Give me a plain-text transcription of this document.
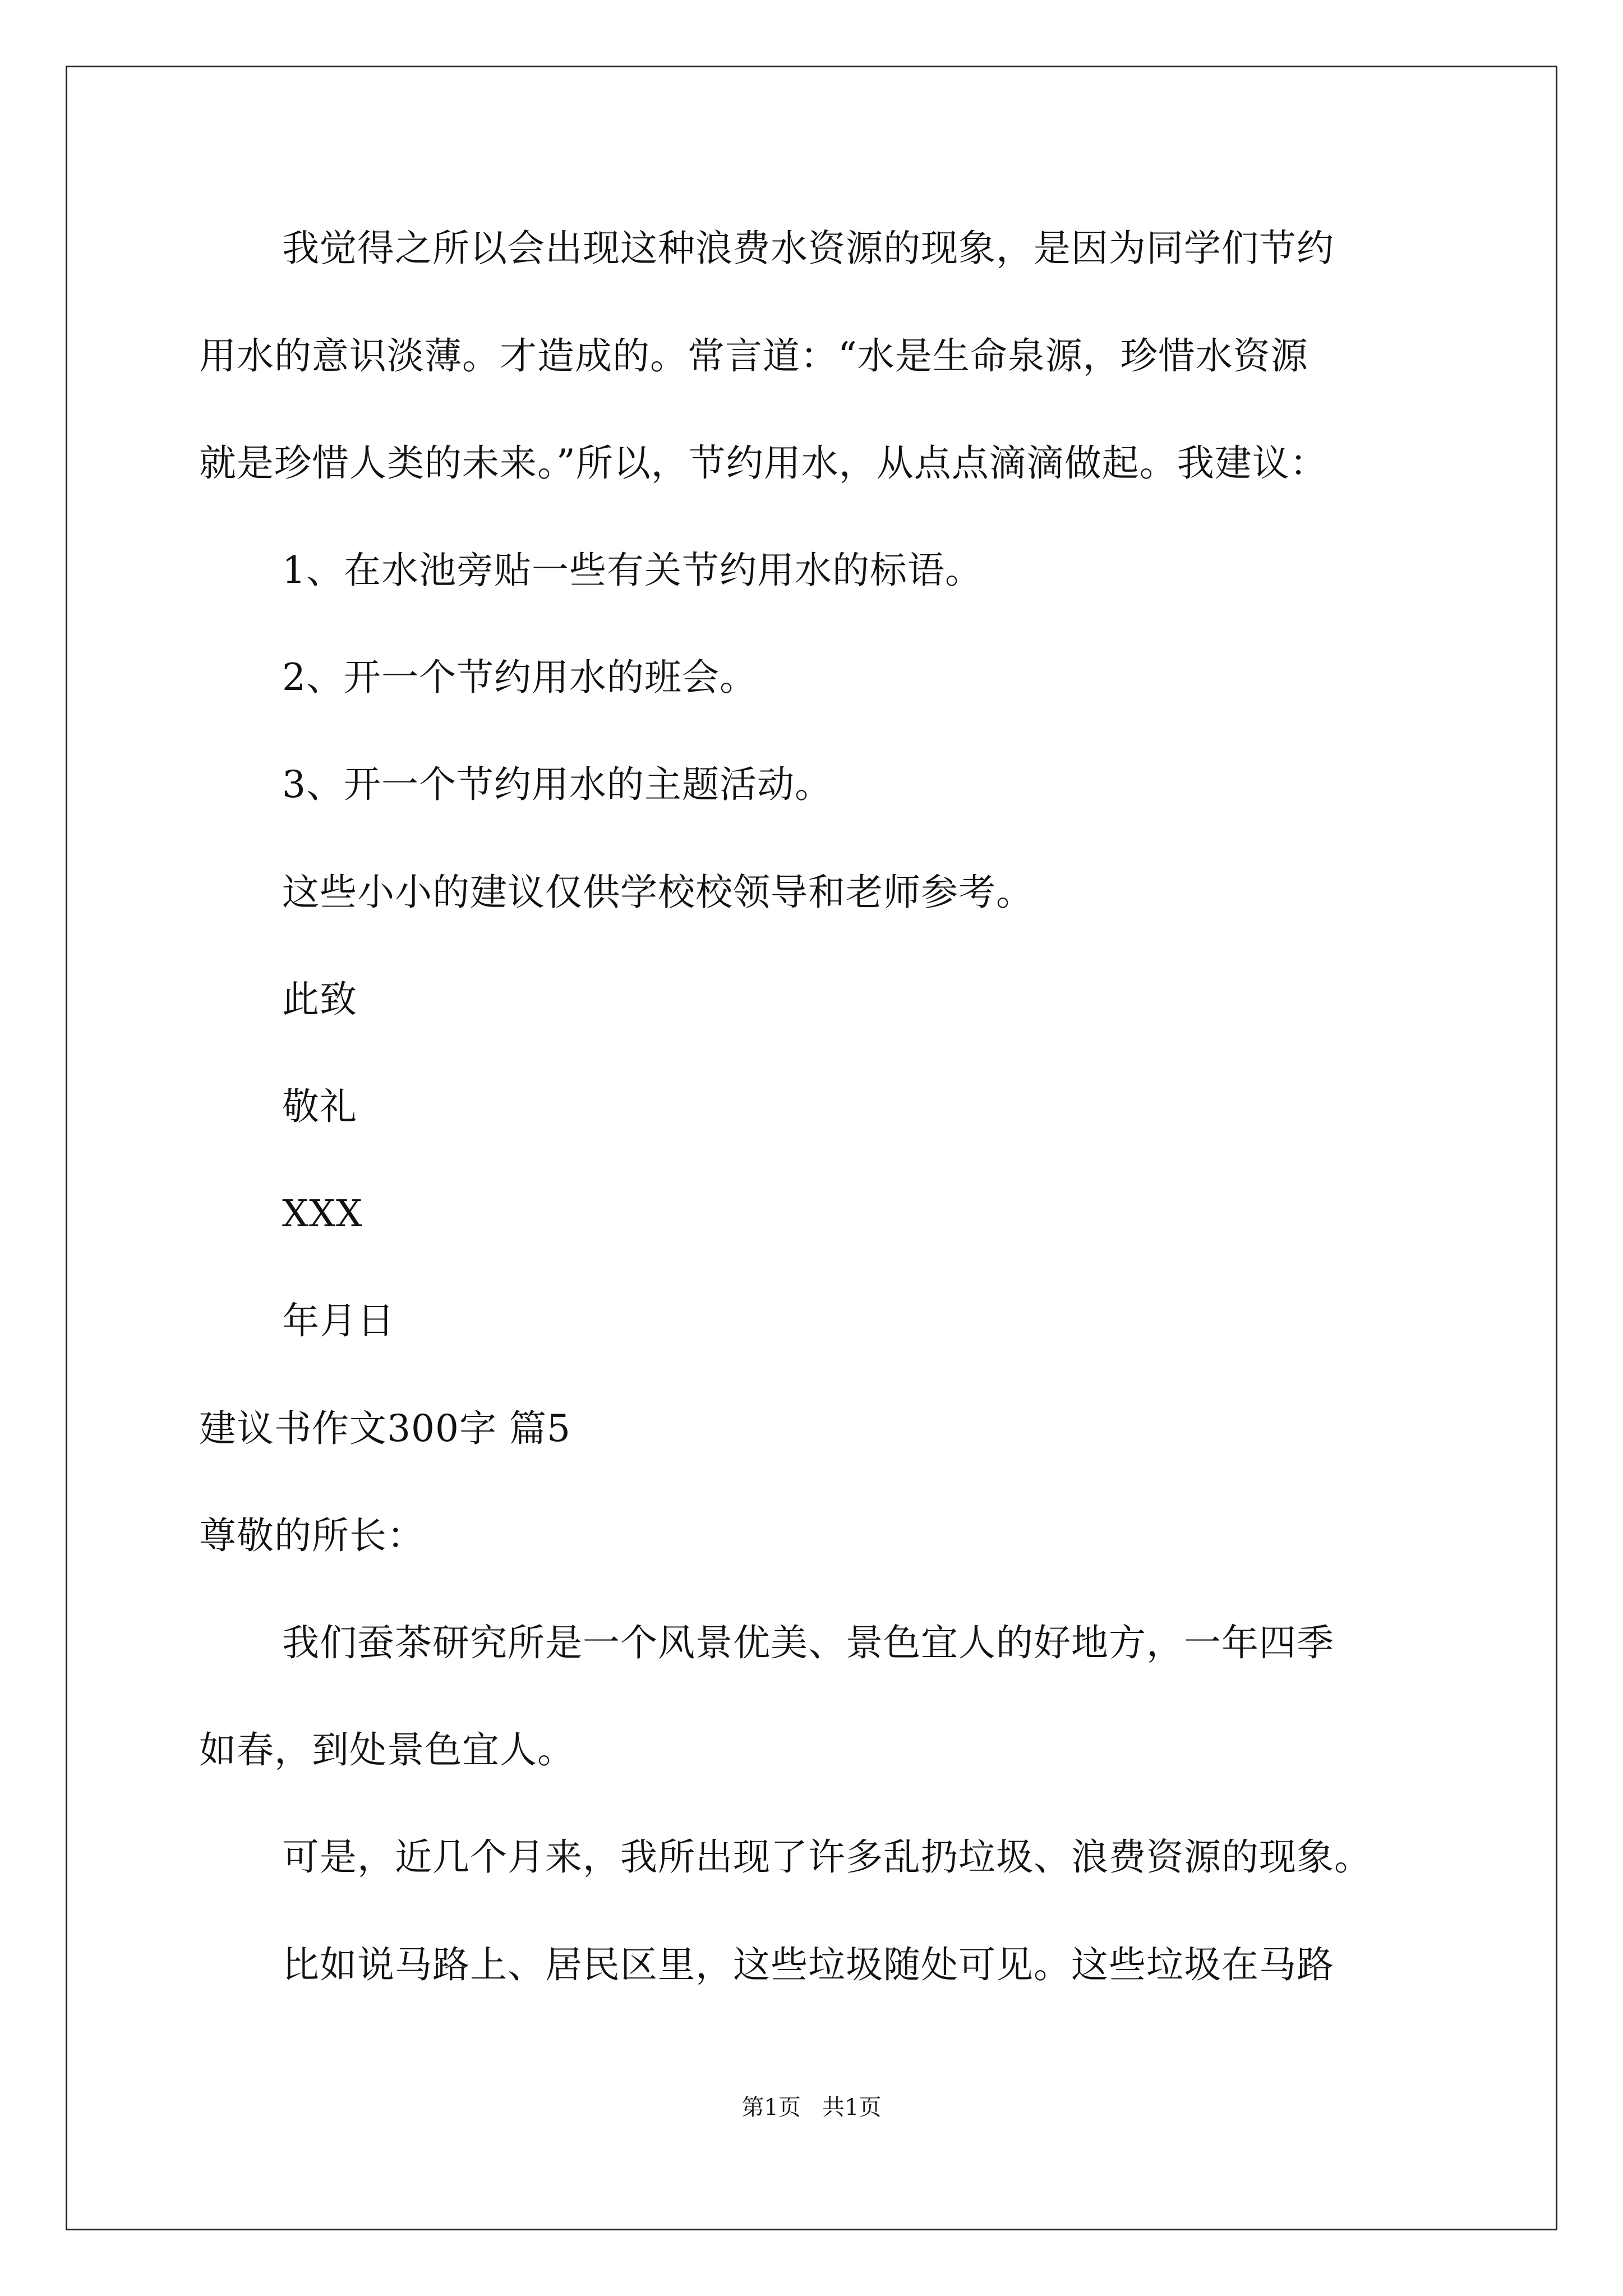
我觉得之所以会出现这种浪费水资源的现象，是因为同学们节约
用水的意识淡薄。才造成的。常言道：“水是生命泉源，珍惜水资源
就是珍惜人类的未来。”所以，节约用水，从点点滴滴做起。我建议：
1、在水池旁贴一些有关节约用水的标语。
2、开一个节约用水的班会。
3、开一个节约用水的主题活动。
这些小小的建议仅供学校校领导和老师参考。
此致
敬礼
XXX
年月日
建议书作文300字 篇5
尊敬的所长：
我们蚕茶研究所是一个风景优美、景色宜人的好地方，一年四季
如春，到处景色宜人。
可是，近几个月来，我所出现了许多乱扔垃圾、浪费资源的现象。
比如说马路上、居民区里，这些垃圾随处可见。这些垃圾在马路
第1页   共1页
